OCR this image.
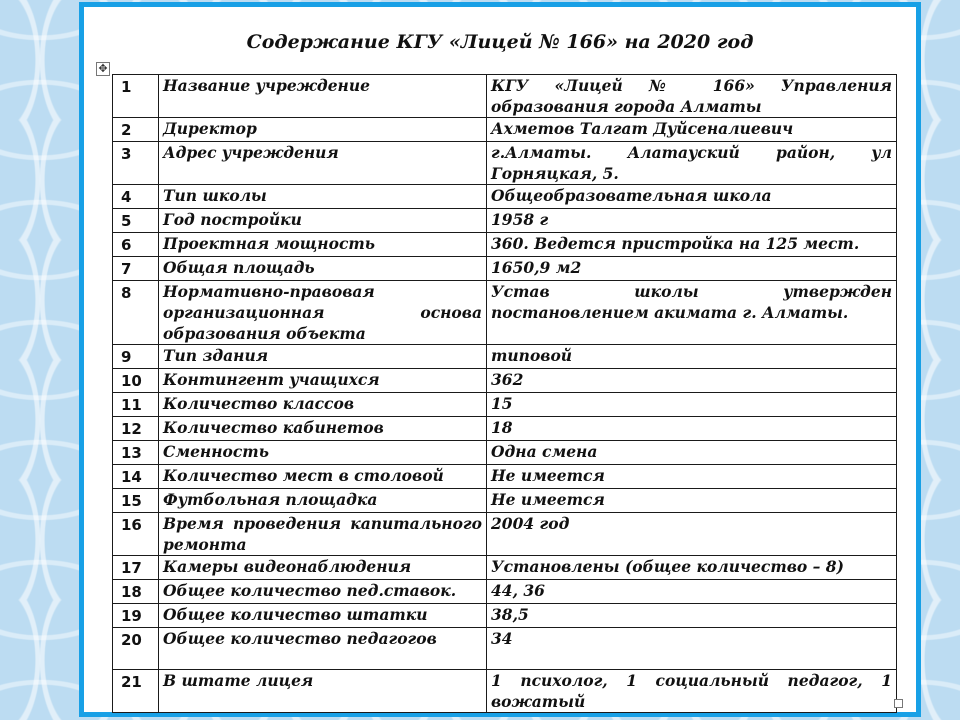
Содержание КГУ «Лицей № 166» на 2020 год
✥
1	Название учреждение	КГУ «Лицей № 166» Управления образования города Алматы
2	Директор	Ахметов Талгат Дуйсеналиевич
3	Адрес учреждения	г.Алматы. Алатауский район, ул Горняцкая, 5.
4	Тип школы	Общеобразовательная школа
5	Год постройки	1958 г
6	Проектная мощность	360. Ведется пристройка на 125 мест.
7	Общая площадь	1650,9 м2
8	Нормативно-правовая организационная основа образования объекта	Устав школы утвержден постановлением акимата г. Алматы.
9	Тип здания	типовой
10	Контингент учащихся	362
11	Количество классов	15
12	Количество кабинетов	18
13	Сменность	Одна смена
14	Количество мест в столовой	Не имеется
15	Футбольная площадка	Не имеется
16	Время проведения капитального ремонта	2004 год
17	Камеры видеонаблюдения	Установлены (общее количество – 8)
18	Общее количество пед.ставок.	44, 36
19	Общее количество штатки	38,5
20	Общее количество педагогов	34
21	В штате лицея	1 психолог, 1 социальный педагог, 1 вожатый
